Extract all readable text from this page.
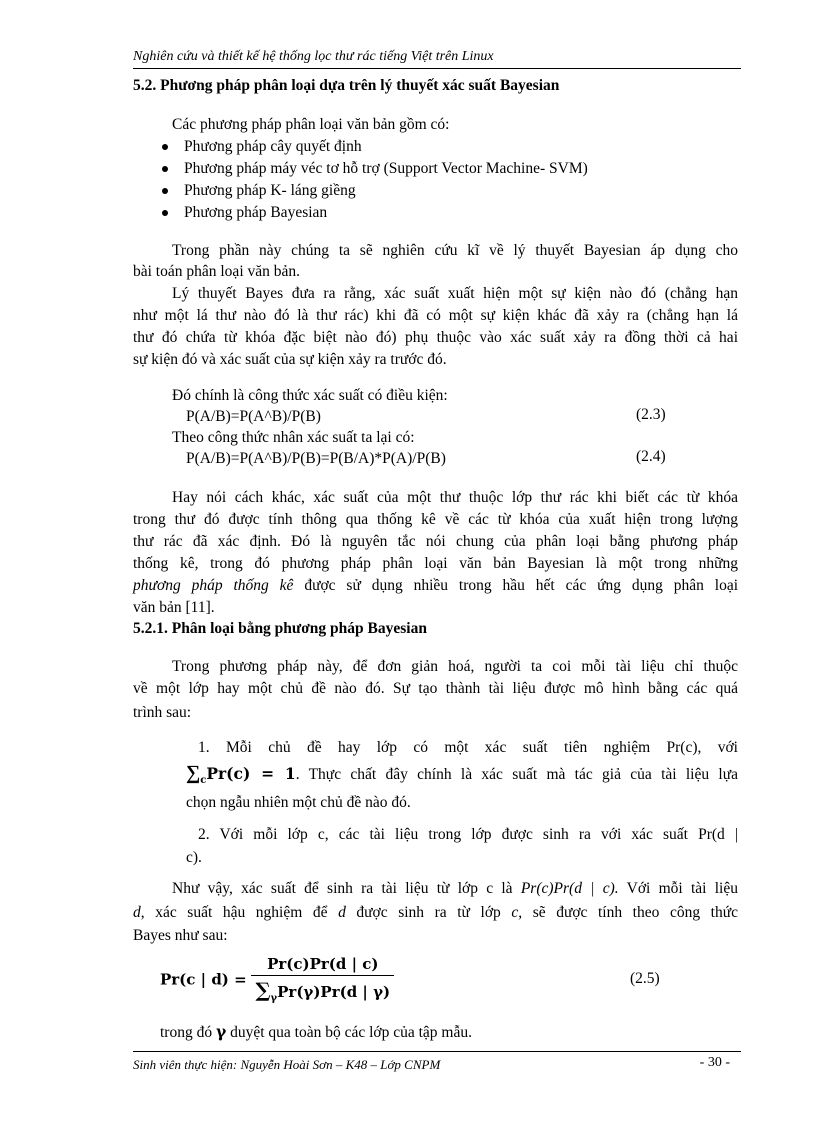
Nghiên cứu và thiết kế hệ thống lọc thư rác tiếng Việt trên Linux
5.2. Phương pháp phân loại dựa trên lý thuyết xác suất Bayesian
Các phương pháp phân loại văn bản gồm có:
Phương pháp cây quyết định
Phương pháp máy véc tơ hỗ trợ (Support Vector Machine- SVM)
Phương pháp K- láng giềng
Phương pháp Bayesian
Trong phần này chúng ta sẽ nghiên cứu kĩ về lý thuyết Bayesian áp dụng cho
bài toán phân loại văn bản.
Lý thuyết Bayes đưa ra rằng, xác suất xuất hiện một sự kiện nào đó (chẳng hạn
như một lá thư nào đó là thư rác) khi đã có một sự kiện khác đã xảy ra (chẳng hạn lá
thư đó chứa từ khóa đặc biệt nào đó) phụ thuộc vào xác suất xảy ra đồng thời cả hai
sự kiện đó và xác suất của sự kiện xảy ra trước đó.
Đó chính là công thức xác suất có điều kiện:
P(A/B)=P(A^B)/P(B)	(2.3)
Theo công thức nhân xác suất ta lại có:
P(A/B)=P(A^B)/P(B)=P(B/A)*P(A)/P(B)	(2.4)
Hay nói cách khác, xác suất của một thư thuộc lớp thư rác khi biết các từ khóa
trong thư đó được tính thông qua thống kê về các từ khóa của xuất hiện trong lượng
thư rác đã xác định. Đó là nguyên tắc nói chung của phân loại bằng phương pháp
thống kê, trong đó phương pháp phân loại văn bản Bayesian là một trong những
phương pháp thống kê được sử dụng nhiều trong hầu hết các ứng dụng phân loại
văn bản [11].
5.2.1. Phân loại bằng phương pháp Bayesian
Trong phương pháp này, để đơn giản hoá, người ta coi mỗi tài liệu chỉ thuộc
về một lớp hay một chủ đề nào đó. Sự tạo thành tài liệu được mô hình bằng các quá
trình sau:
1. Mỗi chủ đề hay lớp có một xác suất tiên nghiệm Pr(c), với
$\sum_cPr(c) = 1$. Thực chất đây chính là xác suất mà tác giả của tài liệu lựa
chọn ngẫu nhiên một chủ đề nào đó.
2. Với mỗi lớp c, các tài liệu trong lớp được sinh ra với xác suất Pr(d |
c).
Như vậy, xác suất để sinh ra tài liệu từ lớp c là Pr(c)Pr(d | c). Với mỗi tài liệu
d, xác suất hậu nghiệm để d được sinh ra từ lớp c, sẽ được tính theo công thức
Bayes như sau:
Pr(c | $d) = \frac{Pr(c)Pr(d | c)}{\sum_\gamma Pr(\gamma)Pr(d | \gamma)}$	(2.5)
trong đó γ duyệt qua toàn bộ các lớp của tập mẫu.
Sinh viên thực hiện: Nguyễn Hoài Sơn – K48 – Lớp CNPM	- 30 -
